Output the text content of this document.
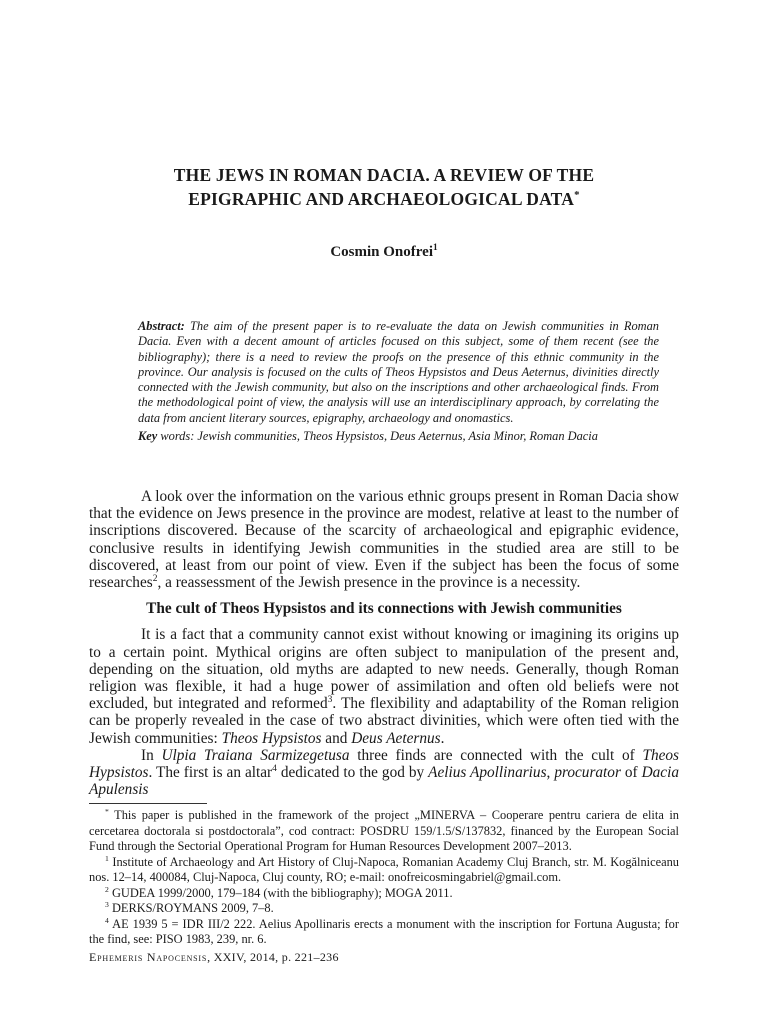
THE JEWS IN ROMAN DACIA. A REVIEW OF THE
EPIGRAPHIC AND ARCHAEOLOGICAL DATA*
Cosmin Onofrei$^1$

Abstract: The aim of the present paper is to re-evaluate the data on Jewish communities in Roman Dacia. Even with a decent amount of articles focused on this subject, some of them recent (see the bibliography); there is a need to review the proofs on the presence of this ethnic community in the province. Our analysis is focused on the cults of Theos Hypsistos and Deus Aeternus, divinities directly connected with the Jewish community, but also on the inscriptions and other archaeological finds. From the methodological point of view, the analysis will use an interdisciplinary approach, by correlating the data from ancient literary sources, epigraphy, archaeology and onomastics.

Key words: Jewish communities, Theos Hypsistos, Deus Aeternus, Asia Minor, Roman Dacia

A look over the information on the various ethnic groups present in Roman Dacia show that the evidence on Jews presence in the province are modest, relative at least to the number of inscriptions discovered. Because of the scarcity of archaeological and epigraphic evidence, conclusive results in identifying Jewish communities in the studied area are still to be discovered, at least from our point of view. Even if the subject has been the focus of some researches$^2$, a reassessment of the Jewish presence in the province is a necessity.

The cult of Theos Hypsistos and its connections with Jewish communities

It is a fact that a community cannot exist without knowing or imagining its origins up to a certain point. Mythical origins are often subject to manipulation of the present and, depending on the situation, old myths are adapted to new needs. Generally, though Roman religion was flexible, it had a huge power of assimilation and often old beliefs were not excluded, but integrated and reformed$^3$. The flexibility and adaptability of the Roman religion can be properly revealed in the case of two abstract divinities, which were often tied with the Jewish communities: Theos Hypsistos and Deus Aeternus.

In Ulpia Traiana Sarmizegetusa three finds are connected with the cult of Theos Hypsistos. The first is an altar$^4$ dedicated to the god by Aelius Apollinarius, procurator of Dacia Apulensis

* This paper is published in the framework of the project „MINERVA – Cooperare pentru cariera de elita in cercetarea doctorala si postdoctorala”, cod contract: POSDRU 159/1.5/S/137832, financed by the European Social Fund through the Sectorial Operational Program for Human Resources Development 2007–2013.

$^1$ Institute of Archaeology and Art History of Cluj-Napoca, Romanian Academy Cluj Branch, str. M. Kogălniceanu nos. 12–14, 400084, Cluj-Napoca, Cluj county, RO; e-mail: onofreicosmingabriel@gmail.com.

$^2$ GUDEA 1999/2000, 179–184 (with the bibliography); MOGA 2011.

$^3$ DERKS/ROYMANS 2009, 7–8.

$^4$ AE 1939 5 = IDR III/2 222. Aelius Apollinaris erects a monument with the inscription for Fortuna Augusta; for the find, see: PISO 1983, 239, nr. 6.

Ephemeris Napocensis, XXIV, 2014, p. 221–236
